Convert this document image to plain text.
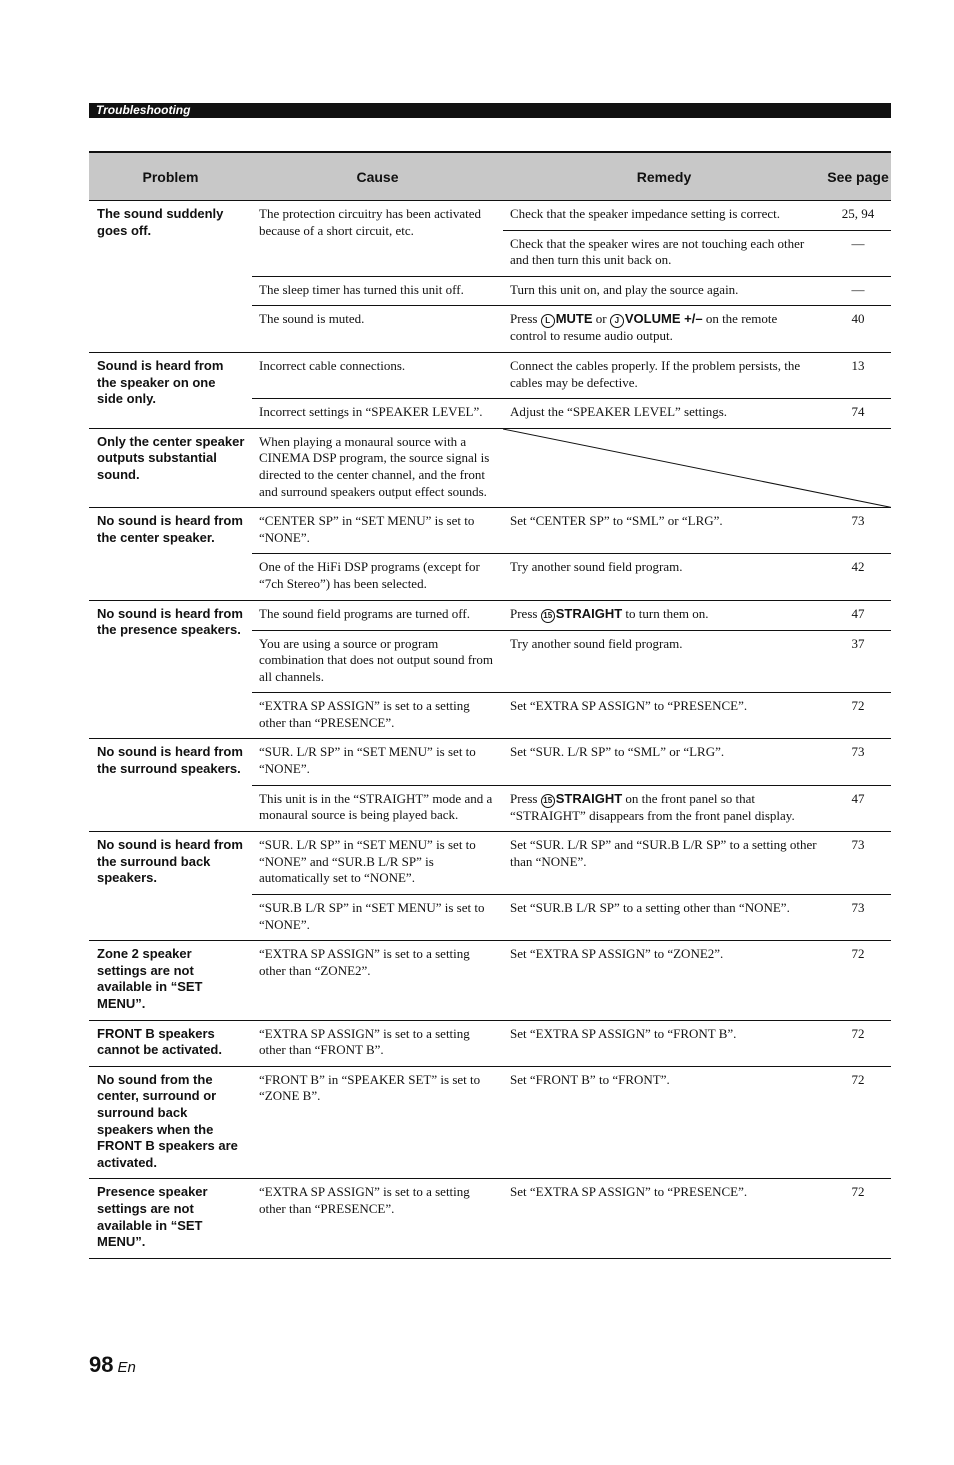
Troubleshooting
Problem	Cause	Remedy	See page
The sound suddenly goes off.	The protection circuitry has been activated because of a short circuit, etc.	Check that the speaker impedance setting is correct.	25, 94
		Check that the speaker wires are not touching each other and then turn this unit back on.	—
	The sleep timer has turned this unit off.	Turn this unit on, and play the source again.	—
	The sound is muted.	Press L MUTE or J VOLUME +/– on the remote control to resume audio output.	40
Sound is heard from the speaker on one side only.	Incorrect cable connections.	Connect the cables properly. If the problem persists, the cables may be defective.	13
	Incorrect settings in “SPEAKER LEVEL”.	Adjust the “SPEAKER LEVEL” settings.	74
Only the center speaker outputs substantial sound.	When playing a monaural source with a CINEMA DSP program, the source signal is directed to the center channel, and the front and surround speakers output effect sounds.	

No sound is heard from the center speaker.	“CENTER SP” in “SET MENU” is set to “NONE”.	Set “CENTER SP” to “SML” or “LRG”.	73
	One of the HiFi DSP programs (except for “7ch Stereo”) has been selected.	Try another sound field program.	42
No sound is heard from the presence speakers.	The sound field programs are turned off.	Press 15 STRAIGHT to turn them on.	47
	You are using a source or program combination that does not output sound from all channels.	Try another sound field program.	37
	“EXTRA SP ASSIGN” is set to a setting other than “PRESENCE”.	Set “EXTRA SP ASSIGN” to “PRESENCE”.	72
No sound is heard from the surround speakers.	“SUR. L/R SP” in “SET MENU” is set to “NONE”.	Set “SUR. L/R SP” to “SML” or “LRG”.	73
	This unit is in the “STRAIGHT” mode and a monaural source is being played back.	Press 15 STRAIGHT on the front panel so that “STRAIGHT” disappears from the front panel display.	47
No sound is heard from the surround back speakers.	“SUR. L/R SP” in “SET MENU” is set to “NONE” and “SUR.B L/R SP” is automatically set to “NONE”.	Set “SUR. L/R SP” and “SUR.B L/R SP” to a setting other than “NONE”.	73
	“SUR.B L/R SP” in “SET MENU” is set to “NONE”.	Set “SUR.B L/R SP” to a setting other than “NONE”.	73
Zone 2 speaker settings are not available in “SET MENU”.	“EXTRA SP ASSIGN” is set to a setting other than “ZONE2”.	Set “EXTRA SP ASSIGN” to “ZONE2”.	72
FRONT B speakers cannot be activated.	“EXTRA SP ASSIGN” is set to a setting other than “FRONT B”.	Set “EXTRA SP ASSIGN” to “FRONT B”.	72
No sound from the center, surround or surround back speakers when the FRONT B speakers are activated.	“FRONT B” in “SPEAKER SET” is set to “ZONE B”.	Set “FRONT B” to “FRONT”.	72
Presence speaker settings are not available in “SET MENU”.	“EXTRA SP ASSIGN” is set to a setting other than “PRESENCE”.	Set “EXTRA SP ASSIGN” to “PRESENCE”.	72
98 En
